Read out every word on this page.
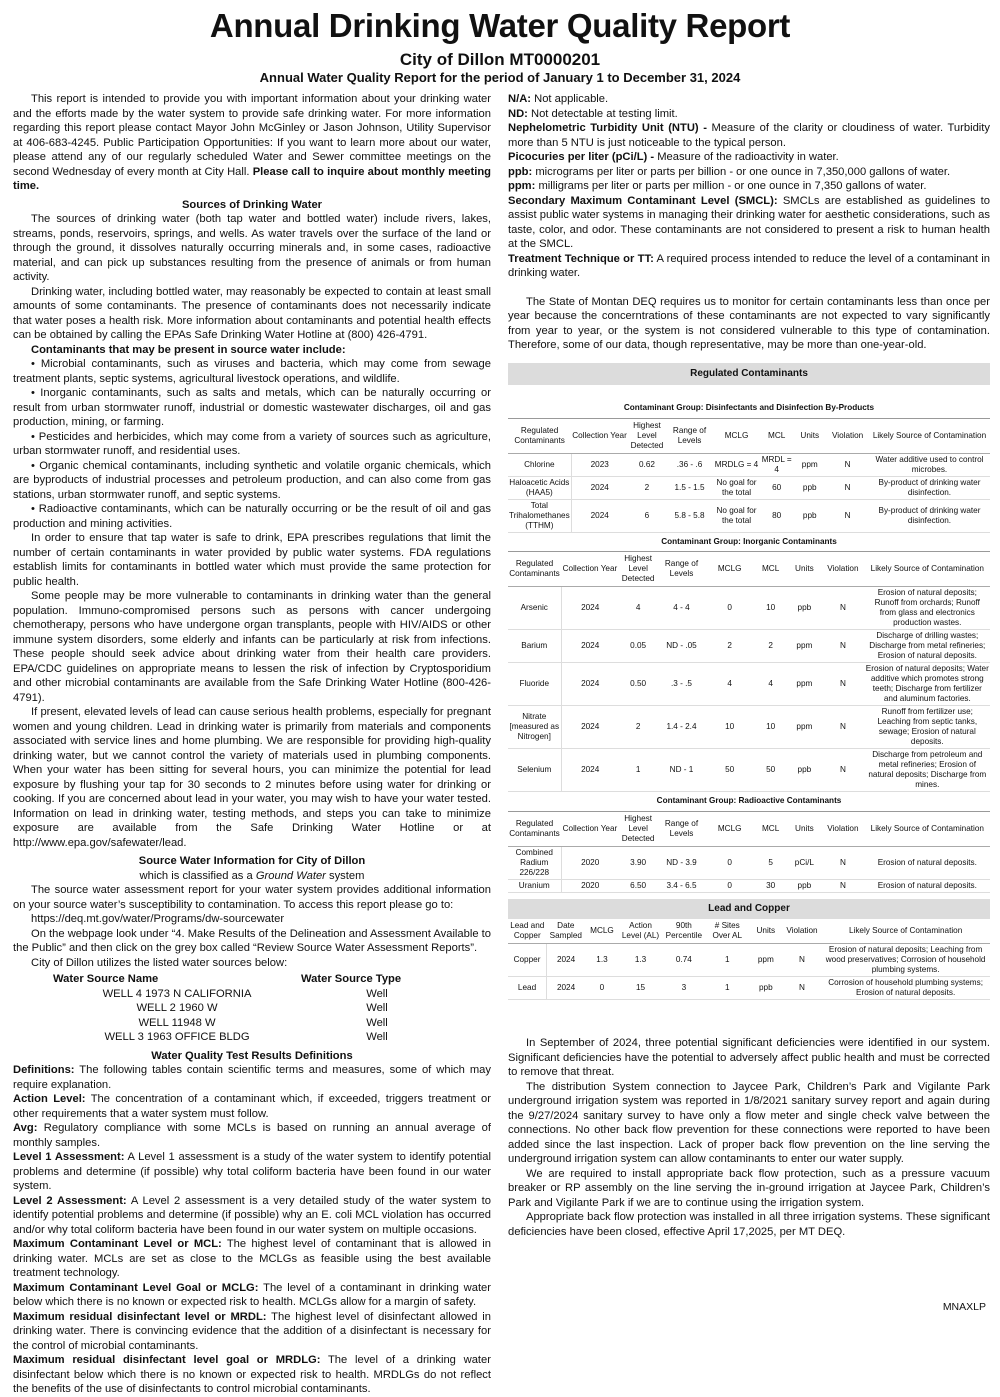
Annual Drinking Water Quality Report
City of Dillon MT0000201
Annual Water Quality Report for the period of January 1 to December 31, 2024

This report is intended to provide you with important information about your drinking water and the efforts made by the water system to provide safe drinking water. For more information regarding this report please contact Mayor John McGinley or Jason Johnson, Utility Supervisor at 406-683-4245. Public Participation Opportunities: If you want to learn more about our water, please attend any of our regularly scheduled Water and Sewer committee meetings on the second Wednesday of every month at City Hall. Please call to inquire about monthly meeting time.

Sources of Drinking Water

The sources of drinking water (both tap water and bottled water) include rivers, lakes, streams, ponds, reservoirs, springs, and wells. As water travels over the surface of the land or through the ground, it dissolves naturally occurring minerals and, in some cases, radioactive material, and can pick up substances resulting from the presence of animals or from human activity.

Drinking water, including bottled water, may reasonably be expected to contain at least small amounts of some contaminants. The presence of contaminants does not necessarily indicate that water poses a health risk. More information about contaminants and potential health effects can be obtained by calling the EPAs Safe Drinking Water Hotline at (800) 426-4791.

Contaminants that may be present in source water include:

• Microbial contaminants, such as viruses and bacteria, which may come from sewage treatment plants, septic systems, agricultural livestock operations, and wildlife.

• Inorganic contaminants, such as salts and metals, which can be naturally occurring or result from urban stormwater runoff, industrial or domestic wastewater discharges, oil and gas production, mining, or farming.

• Pesticides and herbicides, which may come from a variety of sources such as agriculture, urban stormwater runoff, and residential uses.

• Organic chemical contaminants, including synthetic and volatile organic chemicals, which are byproducts of industrial processes and petroleum production, and can also come from gas stations, urban stormwater runoff, and septic systems.

• Radioactive contaminants, which can be naturally occurring or be the result of oil and gas production and mining activities.

In order to ensure that tap water is safe to drink, EPA prescribes regulations that limit the number of certain contaminants in water provided by public water systems. FDA regulations establish limits for contaminants in bottled water which must provide the same protection for public health.

Some people may be more vulnerable to contaminants in drinking water than the general population. Immuno-compromised persons such as persons with cancer undergoing chemotherapy, persons who have undergone organ transplants, people with HIV/AIDS or other immune system disorders, some elderly and infants can be particularly at risk from infections. These people should seek advice about drinking water from their health care providers. EPA/CDC guidelines on appropriate means to lessen the risk of infection by Cryptosporidium and other microbial contaminants are available from the Safe Drinking Water Hotline (800-426-4791).

If present, elevated levels of lead can cause serious health problems, especially for pregnant women and young children. Lead in drinking water is primarily from materials and components associated with service lines and home plumbing. We are responsible for providing high-quality drinking water, but we cannot control the variety of materials used in plumbing components. When your water has been sitting for several hours, you can minimize the potential for lead exposure by flushing your tap for 30 seconds to 2 minutes before using water for drinking or cooking. If you are concerned about lead in your water, you may wish to have your water tested. Information on lead in drinking water, testing methods, and steps you can take to minimize exposure are available from the Safe Drinking Water Hotline or at http://www.epa.gov/safewater/lead.

Source Water Information for City of Dillon

which is classified as a Ground Water system

The source water assessment report for your water system provides additional information on your source water’s susceptibility to contamination. To access this report please go to:

https://deq.mt.gov/water/Programs/dw-sourcewater

On the webpage look under “4. Make Results of the Delineation and Assessment Available to the Public” and then click on the grey box called “Review Source Water Assessment Reports”.

City of Dillon utilizes the listed water sources below:

Water Source Name	Water Source Type
WELL 4 1973 N CALIFORNIA	Well
WELL 2 1960 W	Well
WELL 11948 W	Well
WELL 3 1963 OFFICE BLDG	Well

Water Quality Test Results Definitions

Definitions: The following tables contain scientific terms and measures, some of which may require explanation.

Action Level: The concentration of a contaminant which, if exceeded, triggers treatment or other requirements that a water system must follow.

Avg: Regulatory compliance with some MCLs is based on running an annual average of monthly samples.

Level 1 Assessment: A Level 1 assessment is a study of the water system to identify potential problems and determine (if possible) why total coliform bacteria have been found in our water system.

Level 2 Assessment: A Level 2 assessment is a very detailed study of the water system to identify potential problems and determine (if possible) why an E. coli MCL violation has occurred and/or why total coliform bacteria have been found in our water system on multiple occasions.

Maximum Contaminant Level or MCL: The highest level of contaminant that is allowed in drinking water. MCLs are set as close to the MCLGs as feasible using the best available treatment technology.

Maximum Contaminant Level Goal or MCLG: The level of a contaminant in drinking water below which there is no known or expected risk to health. MCLGs allow for a margin of safety.

Maximum residual disinfectant level or MRDL: The highest level of disinfectant allowed in drinking water. There is convincing evidence that the addition of a disinfectant is necessary for the control of microbial contaminants.

Maximum residual disinfectant level goal or MRDLG: The level of a drinking water disinfectant below which there is no known or expected risk to health. MRDLGs do not reflect the benefits of the use of disinfectants to control microbial contaminants.

N/A: Not applicable.

ND: Not detectable at testing limit.

Nephelometric Turbidity Unit (NTU) - Measure of the clarity or cloudiness of water. Turbidity more than 5 NTU is just noticeable to the typical person.

Picocuries per liter (pCi/L) - Measure of the radioactivity in water.

ppb: micrograms per liter or parts per billion - or one ounce in 7,350,000 gallons of water.

ppm: milligrams per liter or parts per million - or one ounce in 7,350 gallons of water.

Secondary Maximum Contaminant Level (SMCL): SMCLs are established as guidelines to assist public water systems in managing their drinking water for aesthetic considerations, such as taste, color, and odor. These contaminants are not considered to present a risk to human health at the SMCL.

Treatment Technique or TT: A required process intended to reduce the level of a contaminant in drinking water.

The State of Montan DEQ requires us to monitor for certain contaminants less than once per year because the concerntrations of these contaminants are not expected to vary significantly from year to year, or the system is not considered vulnerable to this type of contamination. Therefore, some of our data, though representative, may be more than one-year-old.

Regulated Contaminants
Contaminant Group: Disinfectants and Disinfection By-Products
Regulated Contaminants	Collection Year	Highest Level Detected	Range of Levels	MCLG	MCL	Units	Violation	Likely Source of Contamination
Chlorine	2023	0.62	.36 - .6	MRDLG = 4	MRDL = 4	ppm	N	Water additive used to control microbes.
Haloacetic Acids (HAA5)	2024	2	1.5 - 1.5	No goal for the total	60	ppb	N	By-product of drinking water disinfection.
Total Trihalomethanes (TTHM)	2024	6	5.8 - 5.8	No goal for the total	80	ppb	N	By-product of drinking water disinfection.
Contaminant Group: Inorganic Contaminants
Regulated Contaminants	Collection Year	Highest Level Detected	Range of Levels	MCLG	MCL	Units	Violation	Likely Source of Contamination
Arsenic	2024	4	4 - 4	0	10	ppb	N	Erosion of natural deposits; Runoff from orchards; Runoff from glass and electronics production wastes.
Barium	2024	0.05	ND - .05	2	2	ppm	N	Discharge of drilling wastes; Discharge from metal refineries; Erosion of natural deposits.
Fluoride	2024	0.50	.3 - .5	4	4	ppm	N	Erosion of natural deposits; Water additive which promotes strong teeth; Discharge from fertilizer and aluminum factories.
Nitrate [measured as Nitrogen]	2024	2	1.4 - 2.4	10	10	ppm	N	Runoff from fertilizer use; Leaching from septic tanks, sewage; Erosion of natural deposits.
Selenium	2024	1	ND - 1	50	50	ppb	N	Discharge from petroleum and metal refineries; Erosion of natural deposits; Discharge from mines.
Contaminant Group: Radioactive Contaminants
Regulated Contaminants	Collection Year	Highest Level Detected	Range of Levels	MCLG	MCL	Units	Violation	Likely Source of Contamination
Combined Radium 226/228	2020	3.90	ND - 3.9	0	5	pCi/L	N	Erosion of natural deposits.
Uranium	2020	6.50	3.4 - 6.5	0	30	ppb	N	Erosion of natural deposits.
Lead and Copper
Lead and Copper	Date Sampled	MCLG	Action Level (AL)	90th Percentile	# Sites Over AL	Units	Violation	Likely Source of Contamination
Copper	2024	1.3	1.3	0.74	1	ppm	N	Erosion of natural deposits; Leaching from wood preservatives; Corrosion of household plumbing systems.
Lead	2024	0	15	3	1	ppb	N	Corrosion of household plumbing systems; Erosion of natural deposits.

In September of 2024, three potential significant deficiencies were identified in our system. Significant deficiencies have the potential to adversely affect public health and must be corrected to remove that threat.

The distribution System connection to Jaycee Park, Children’s Park and Vigilante Park underground irrigation system was reported in 1/8/2021 sanitary survey report and again during the 9/27/2024 sanitary survey to have only a flow meter and single check valve between the connections. No other back flow prevention for these connections were reported to have been added since the last inspection. Lack of proper back flow prevention on the line serving the underground irrigation system can allow contaminants to enter our water supply.

We are required to install appropriate back flow protection, such as a pressure vacuum breaker or RP assembly on the line serving the in-ground irrigation at Jaycee Park, Children’s Park and Vigilante Park if we are to continue using the irrigation system.

Appropriate back flow protection was installed in all three irrigation systems. These significant deficiencies have been closed, effective April 17,2025, per MT DEQ.

MNAXLP
